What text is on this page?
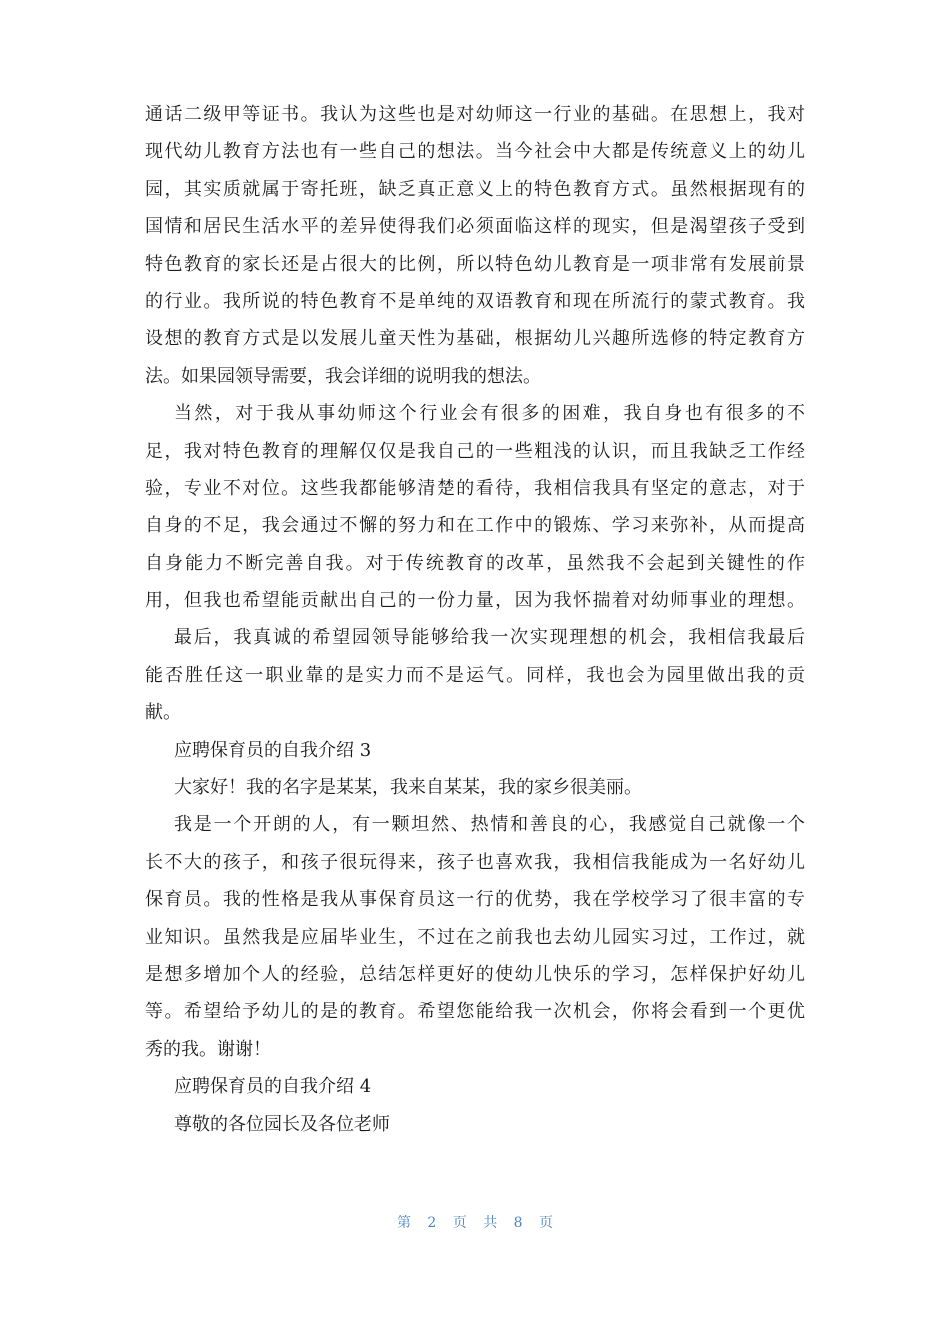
通话二级甲等证书。我认为这些也是对幼师这一行业的基础。在思想上，我对
现代幼儿教育方法也有一些自己的想法。当今社会中大都是传统意义上的幼儿
园，其实质就属于寄托班，缺乏真正意义上的特色教育方式。虽然根据现有的
国情和居民生活水平的差异使得我们必须面临这样的现实，但是渴望孩子受到
特色教育的家长还是占很大的比例，所以特色幼儿教育是一项非常有发展前景
的行业。我所说的特色教育不是单纯的双语教育和现在所流行的蒙式教育。我
设想的教育方式是以发展儿童天性为基础，根据幼儿兴趣所选修的特定教育方
法。如果园领导需要，我会详细的说明我的想法。
当然，对于我从事幼师这个行业会有很多的困难，我自身也有很多的不
足，我对特色教育的理解仅仅是我自己的一些粗浅的认识，而且我缺乏工作经
验，专业不对位。这些我都能够清楚的看待，我相信我具有坚定的意志，对于
自身的不足，我会通过不懈的努力和在工作中的锻炼、学习来弥补，从而提高
自身能力不断完善自我。对于传统教育的改革，虽然我不会起到关键性的作
用，但我也希望能贡献出自己的一份力量，因为我怀揣着对幼师事业的理想。
最后，我真诚的希望园领导能够给我一次实现理想的机会，我相信我最后
能否胜任这一职业靠的是实力而不是运气。同样，我也会为园里做出我的贡
献。
应聘保育员的自我介绍 3
大家好！我的名字是某某，我来自某某，我的家乡很美丽。
我是一个开朗的人，有一颗坦然、热情和善良的心，我感觉自己就像一个
长不大的孩子，和孩子很玩得来，孩子也喜欢我，我相信我能成为一名好幼儿
保育员。我的性格是我从事保育员这一行的优势，我在学校学习了很丰富的专
业知识。虽然我是应届毕业生，不过在之前我也去幼儿园实习过，工作过，就
是想多增加个人的经验，总结怎样更好的使幼儿快乐的学习，怎样保护好幼儿
等。希望给予幼儿的是的教育。希望您能给我一次机会，你将会看到一个更优
秀的我。谢谢！
应聘保育员的自我介绍 4
尊敬的各位园长及各位老师
第 2 页 共 8 页
